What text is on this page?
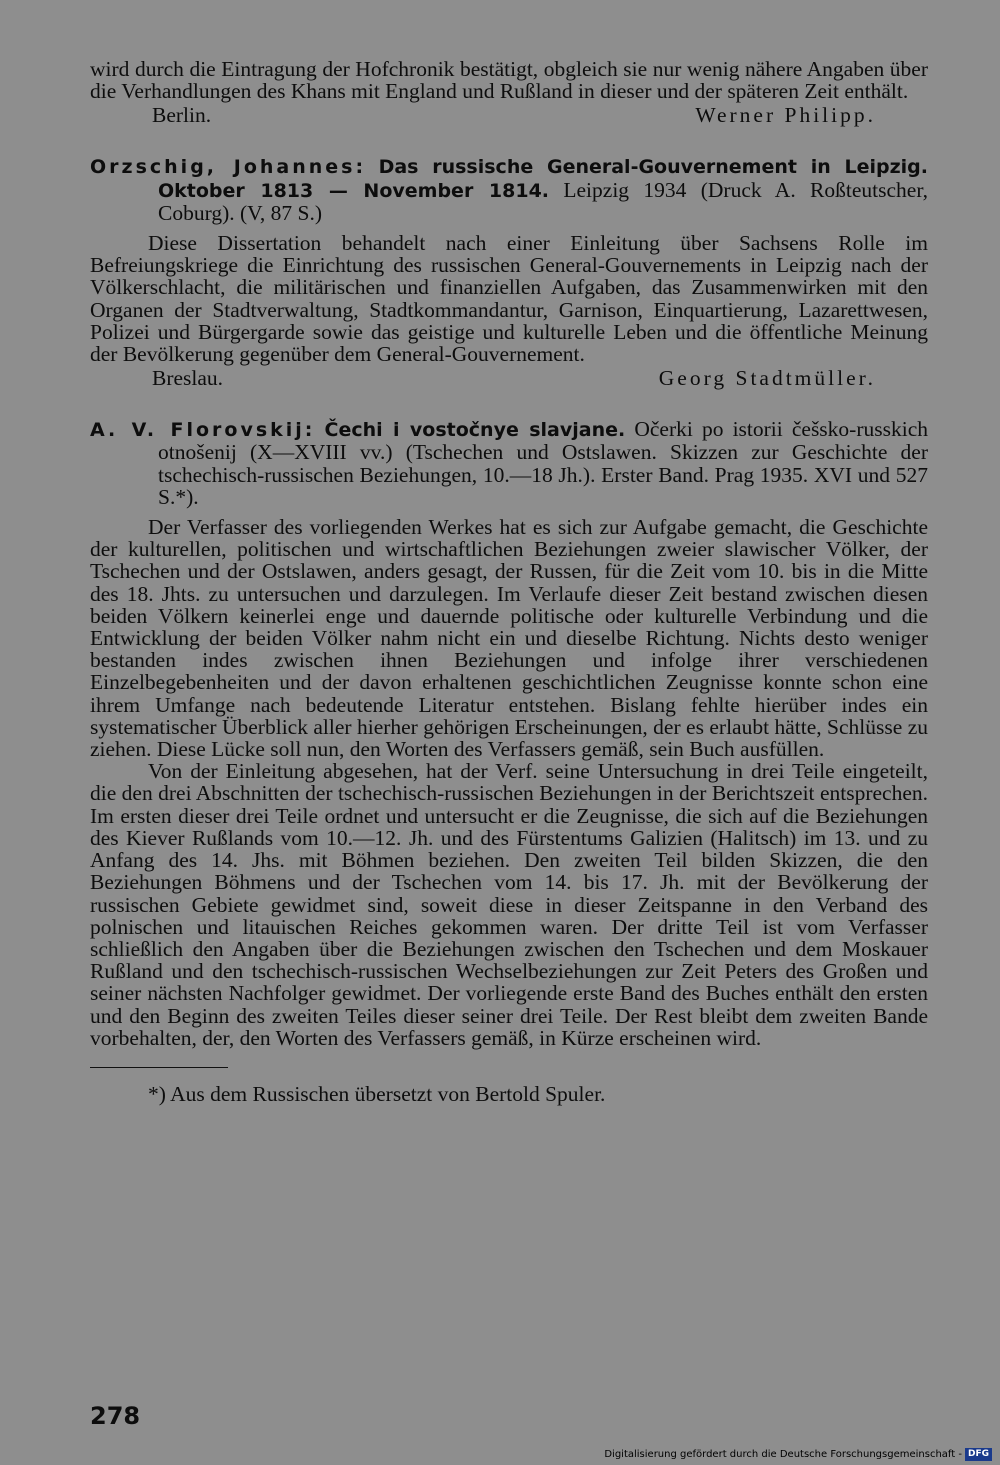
wird durch die Eintragung der Hofchronik bestätigt, obgleich sie nur wenig nähere Angaben über die Verhandlungen des Khans mit England und Rußland in dieser und der späteren Zeit enthält.

Berlin.	Werner Philipp.
Orzschig, Johannes: Das russische General-Gouvernement in Leipzig. Oktober 1813 — November 1814. Leipzig 1934 (Druck A. Roßteutscher, Coburg). (V, 87 S.)

Diese Dissertation behandelt nach einer Einleitung über Sachsens Rolle im Befreiungskriege die Einrichtung des russischen General-Gouvernements in Leipzig nach der Völkerschlacht, die militärischen und finanziellen Aufgaben, das Zusammenwirken mit den Organen der Stadtverwaltung, Stadtkommandantur, Garnison, Einquartierung, Lazarettwesen, Polizei und Bürgergarde sowie das geistige und kulturelle Leben und die öffentliche Meinung der Bevölkerung gegenüber dem General-Gouvernement.

Breslau.	Georg Stadtmüller.
A. V. Florovskij: Čechi i vostočnye slavjane. Očerki po istorii češsko-russkich otnošenij (X—XVIII vv.) (Tschechen und Ostslawen. Skizzen zur Geschichte der tschechisch-russischen Beziehungen, 10.—18 Jh.). Erster Band. Prag 1935. XVI und 527 S.*).

Der Verfasser des vorliegenden Werkes hat es sich zur Aufgabe gemacht, die Geschichte der kulturellen, politischen und wirtschaftlichen Beziehungen zweier slawischer Völker, der Tschechen und der Ostslawen, anders gesagt, der Russen, für die Zeit vom 10. bis in die Mitte des 18. Jhts. zu untersuchen und darzulegen. Im Verlaufe dieser Zeit bestand zwischen diesen beiden Völkern keinerlei enge und dauernde politische oder kulturelle Verbindung und die Entwicklung der beiden Völker nahm nicht ein und dieselbe Richtung. Nichts desto weniger bestanden indes zwischen ihnen Beziehungen und infolge ihrer verschiedenen Einzelbegebenheiten und der davon erhaltenen geschichtlichen Zeugnisse konnte schon eine ihrem Umfange nach bedeutende Literatur entstehen. Bislang fehlte hierüber indes ein systematischer Überblick aller hierher gehörigen Erscheinungen, der es erlaubt hätte, Schlüsse zu ziehen. Diese Lücke soll nun, den Worten des Verfassers gemäß, sein Buch ausfüllen.

Von der Einleitung abgesehen, hat der Verf. seine Untersuchung in drei Teile eingeteilt, die den drei Abschnitten der tschechisch-russischen Beziehungen in der Berichtszeit entsprechen. Im ersten dieser drei Teile ordnet und untersucht er die Zeugnisse, die sich auf die Beziehungen des Kiever Rußlands vom 10.—12. Jh. und des Fürstentums Galizien (Halitsch) im 13. und zu Anfang des 14. Jhs. mit Böhmen beziehen. Den zweiten Teil bilden Skizzen, die den Beziehungen Böhmens und der Tschechen vom 14. bis 17. Jh. mit der Bevölkerung der russischen Gebiete gewidmet sind, soweit diese in dieser Zeitspanne in den Verband des polnischen und litauischen Reiches gekommen waren. Der dritte Teil ist vom Verfasser schließlich den Angaben über die Beziehungen zwischen den Tschechen und dem Moskauer Rußland und den tschechisch-russischen Wechselbeziehungen zur Zeit Peters des Großen und seiner nächsten Nachfolger gewidmet. Der vorliegende erste Band des Buches enthält den ersten und den Beginn des zweiten Teiles dieser seiner drei Teile. Der Rest bleibt dem zweiten Bande vorbehalten, der, den Worten des Verfassers gemäß, in Kürze erscheinen wird.

*) Aus dem Russischen übersetzt von Bertold Spuler.
278
Digitalisierung gefördert durch die Deutsche Forschungsgemeinschaft - DFG
